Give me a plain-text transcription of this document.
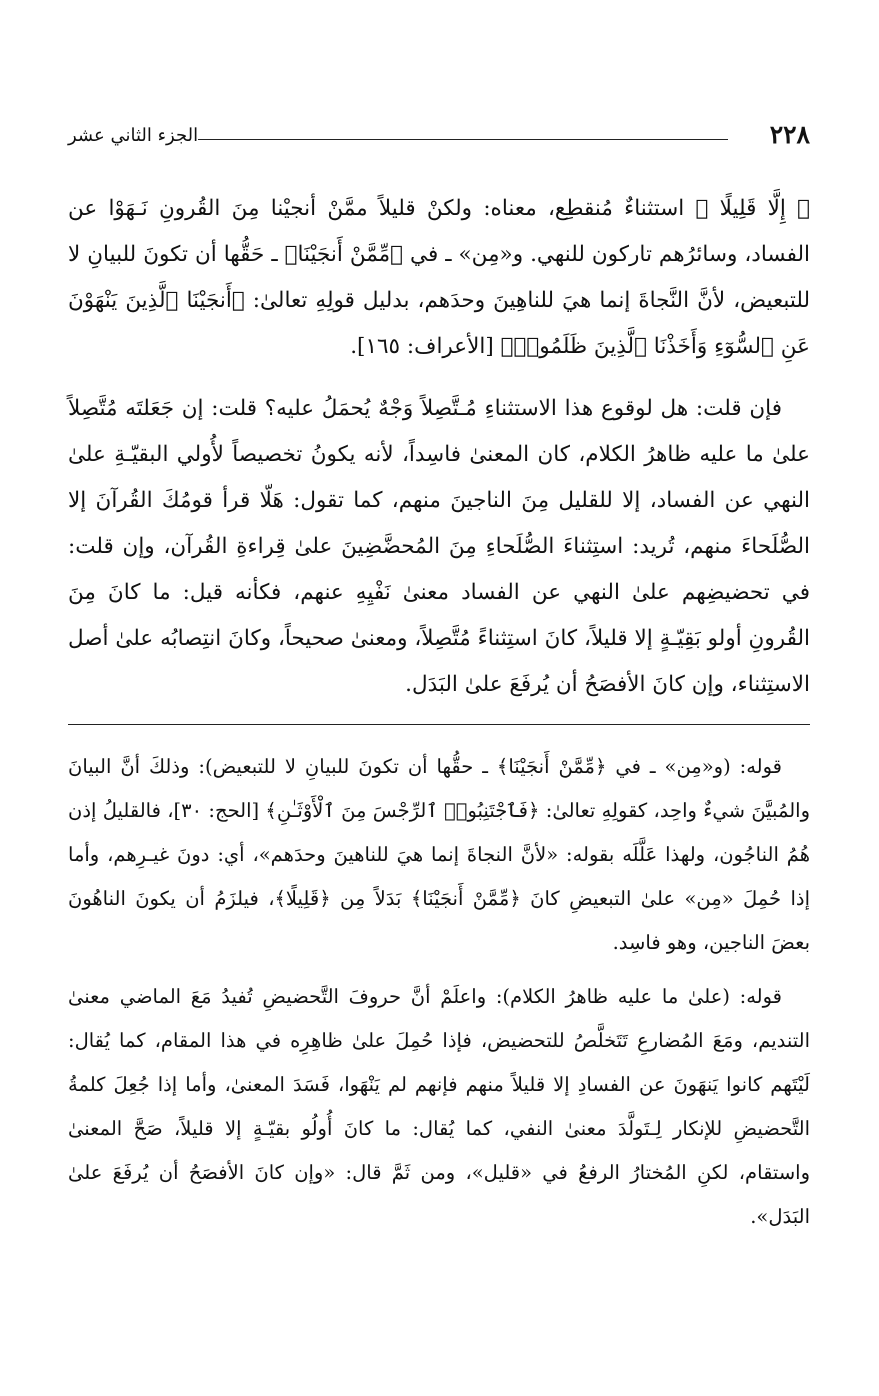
٢٢٨
الجزء الثاني عشر

﴿ إِلَّا قَلِيلًا ﴾ استثناءٌ مُنقطِع، معناه: ولكنْ قليلاً ممَّنْ أنجيْنا مِنَ القُرونِ نَـهَوْا عن الفساد، وسائرُهم تاركون للنهي. و«مِن» ـ في ﴿مِّمَّنْ أَنجَيْنَا﴾ ـ حَقُّها أن تكونَ للبيانِ لا للتبعيض، لأنَّ النَّجاةَ إنما هيَ للناهِينَ وحدَهم، بدليل قولِهِ تعالىٰ: ﴿أَنجَيْنَا ٱلَّذِينَ يَنْهَوْنَ عَنِ ٱلسُّوٓءِ وَأَخَذْنَا ٱلَّذِينَ ظَلَمُوا۟﴾ [الأعراف: ١٦٥].

فإن قلت: هل لوقوع هذا الاستثناءِ مُـتَّصِلاً وَجْهٌ يُحمَلُ عليه؟ قلت: إن جَعَلتَه مُتَّصِلاً علىٰ ما عليه ظاهرُ الكلام، كان المعنىٰ فاسِداً، لأنه يكونُ تخصيصاً لأُولي البقيّـةِ علىٰ النهي عن الفساد، إلا للقليل مِنَ الناجينَ منهم، كما تقول: هَلّا قرأ قومُكَ القُرآنَ إلا الصُّلَحاءَ منهم، تُريد: استِثناءَ الصُّلَحاءِ مِنَ المُحضَّضِينَ علىٰ قِراءةِ القُرآن، وإن قلت: في تحضيضِهم علىٰ النهي عن الفساد معنىٰ نَفْيِهِ عنهم، فكأنه قيل: ما كانَ مِنَ القُرونِ أولو بَقِيّـةٍ إلا قليلاً، كانَ استِثناءً مُتَّصِلاً، ومعنىٰ صحيحاً، وكانَ انتِصابُه علىٰ أصل الاستِثناء، وإن كانَ الأفصَحُ أن يُرفَعَ علىٰ البَدَل.

قوله: (و«مِن» ـ في ﴿مِّمَّنْ أَنجَيْنَا﴾ ـ حقُّها أن تكونَ للبيانِ لا للتبعيض): وذلكَ أنَّ البيانَ والمُبيَّنَ شيءٌ واحِد، كقولِهِ تعالىٰ: ﴿فَٱجْتَنِبُوا۟ ٱلرِّجْسَ مِنَ ٱلْأَوْثَـٰنِ﴾ [الحج: ٣٠]، فالقليلُ إذن هُمُ الناجُون، ولهذا عَلَّلَه بقوله: «لأنَّ النجاةَ إنما هيَ للناهينَ وحدَهم»، أي: دونَ غيـرِهم، وأما إذا حُمِلَ «مِن» علىٰ التبعيضِ كانَ ﴿مِّمَّنْ أَنجَيْنَا﴾ بَدَلاً مِن ﴿قَلِيلًا﴾، فيلزَمُ أن يكونَ الناهُونَ بعضَ الناجين، وهو فاسِد.

قوله: (علىٰ ما عليه ظاهرُ الكلام): واعلَمْ أنَّ حروفَ التَّحضيضِ تُفيدُ مَعَ الماضي معنىٰ التنديم، ومَعَ المُضارعِ تَتَخلَّصُ للتحضيض، فإذا حُمِلَ علىٰ ظاهِرِه في هذا المقام، كما يُقال: لَيْتَهم كانوا يَنهَونَ عن الفسادِ إلا قليلاً منهم فإنهم لم يَنْهَوا، فَسَدَ المعنىٰ، وأما إذا جُعِلَ كلمةُ التَّحضيضِ للإنكار لِـتَولَّدَ معنىٰ النفي، كما يُقال: ما كانَ أُولُو بقيّـةٍ إلا قليلاً، صَحَّ المعنىٰ واستقام، لكنِ المُختارُ الرفعُ في «قليل»، ومن ثَمَّ قال: «وإن كانَ الأفصَحُ أن يُرفَعَ علىٰ البَدَل».
